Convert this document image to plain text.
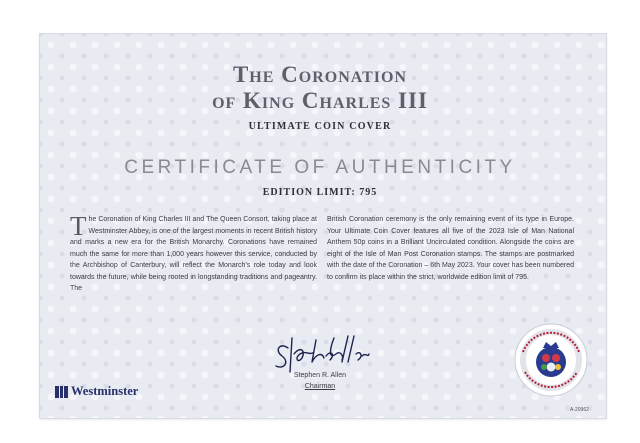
The Coronation
of King Charles III
ULTIMATE COIN COVER
CERTIFICATE OF AUTHENTICITY
EDITION LIMIT: 795
The Coronation of King Charles III and The Queen Consort, taking place at Westminster Abbey, is one of the largest moments in recent British history and marks a new era for the British Monarchy. Coronations have remained much the same for more than 1,000 years however this service, conducted by the Archbishop of Canterbury, will reflect the Monarch's role today and look towards the future, while being rooted in longstanding traditions and pageantry. The
British Coronation ceremony is the only remaining event of its type in Europe. Your Ultimate Coin Cover features all five of the 2023 Isle of Man National Anthem 50p coins in a Brilliant Uncirculated condition. Alongside the coins are eight of the Isle of Man Post Coronation stamps. The stamps are postmarked with the date of the Coronation – 6th May 2023. Your cover has been numbered to confirm its place within the strict, worldwide edition limit of 795.
Stephen R. Allen
Chairman
Westminster
A-20962
